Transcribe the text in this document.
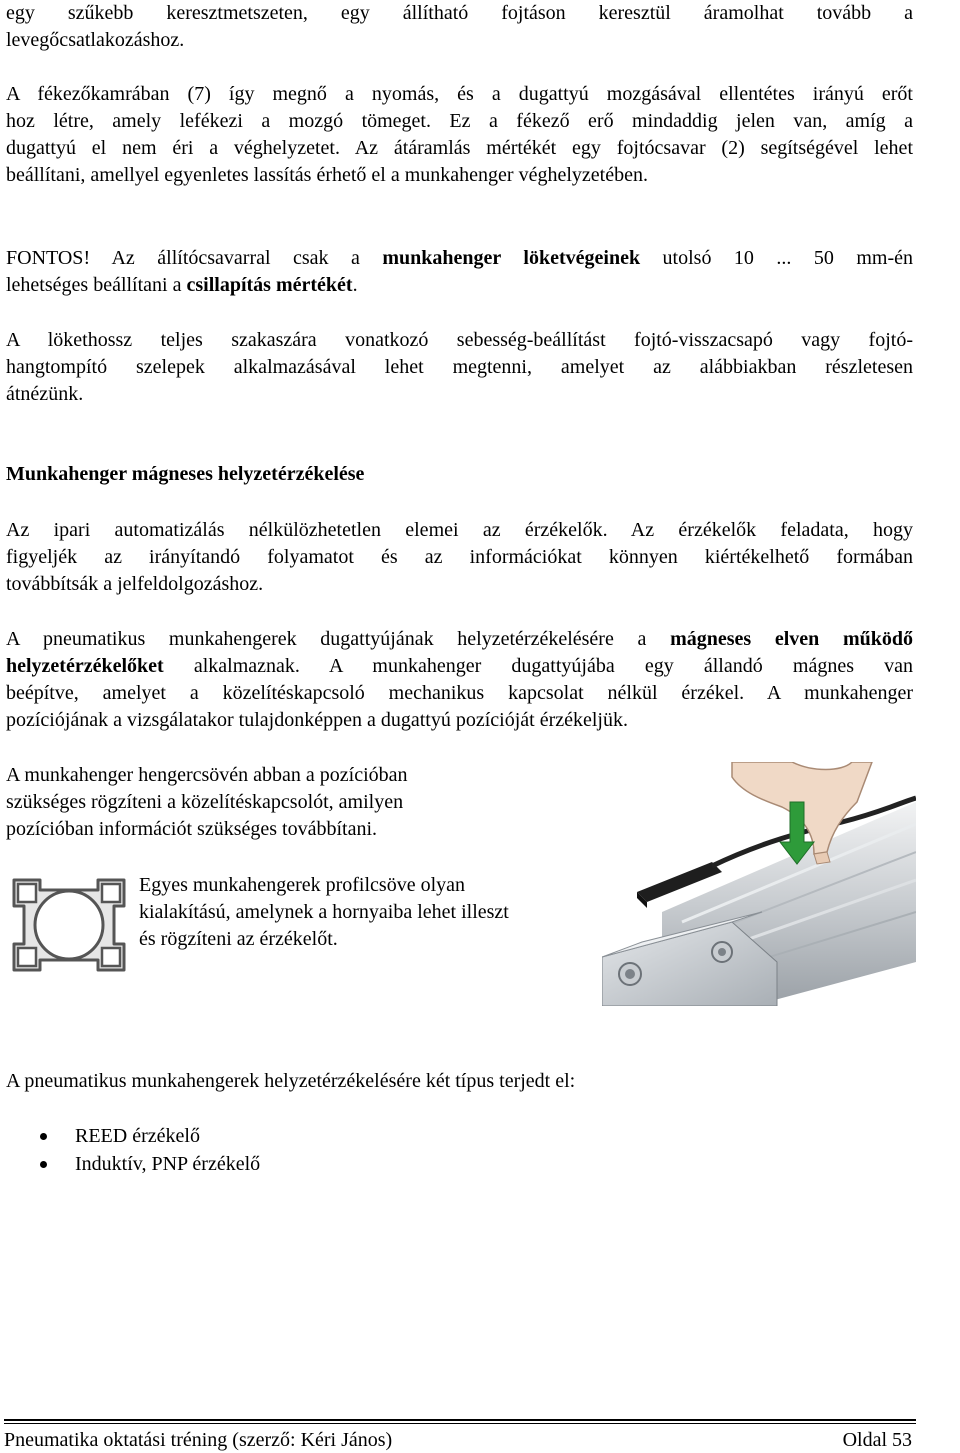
egy szűkebb keresztmetszeten, egy állítható fojtáson keresztül áramolhat tovább a
levegőcsatlakozáshoz.

A fékezőkamrában (7) így megnő a nyomás, és a dugattyú mozgásával ellentétes irányú erőt
hoz létre, amely lefékezi a mozgó tömeget. Ez a fékező erő mindaddig jelen van, amíg a
dugattyú el nem éri a véghelyzetet. Az átáramlás mértékét egy fojtócsavar (2) segítségével lehet
beállítani, amellyel egyenletes lassítás érhető el a munkahenger véghelyzetében.

FONTOS! Az állítócsavarral csak a munkahenger löketvégeinek utolsó 10 ... 50 mm-én
lehetséges beállítani a csillapítás mértékét.

A lökethossz teljes szakaszára vonatkozó sebesség-beállítást fojtó-visszacsapó vagy fojtó-
hangtompító szelepek alkalmazásával lehet megtenni, amelyet az alábbiakban részletesen
átnézünk.

Munkahenger mágneses helyzetérzékelése

Az ipari automatizálás nélkülözhetetlen elemei az érzékelők. Az érzékelők feladata, hogy
figyeljék az irányítandó folyamatot és az információkat könnyen kiértékelhető formában
továbbítsák a jelfeldolgozáshoz.

A pneumatikus munkahengerek dugattyújának helyzetérzékelésére a mágneses elven működő
helyzetérzékelőket alkalmaznak. A munkahenger dugattyújába egy állandó mágnes van
beépítve, amelyet a közelítéskapcsoló mechanikus kapcsolat nélkül érzékel. A munkahenger
pozíciójának a vizsgálatakor tulajdonképpen a dugattyú pozícióját érzékeljük.

A munkahenger hengercsövén abban a pozícióban
szükséges rögzíteni a közelítéskapcsolót, amilyen
pozícióban információt szükséges továbbítani.

Egyes munkahengerek profilcsöve olyan
kialakítású, amelynek a hornyaiba lehet illeszt
és rögzíteni az érzékelőt.

A pneumatikus munkahengerek helyzetérzékelésére két típus terjedt el:

REED érzékelő
Induktív, PNP érzékelő
Pneumatika oktatási tréning (szerző: Kéri János)	Oldal 53
